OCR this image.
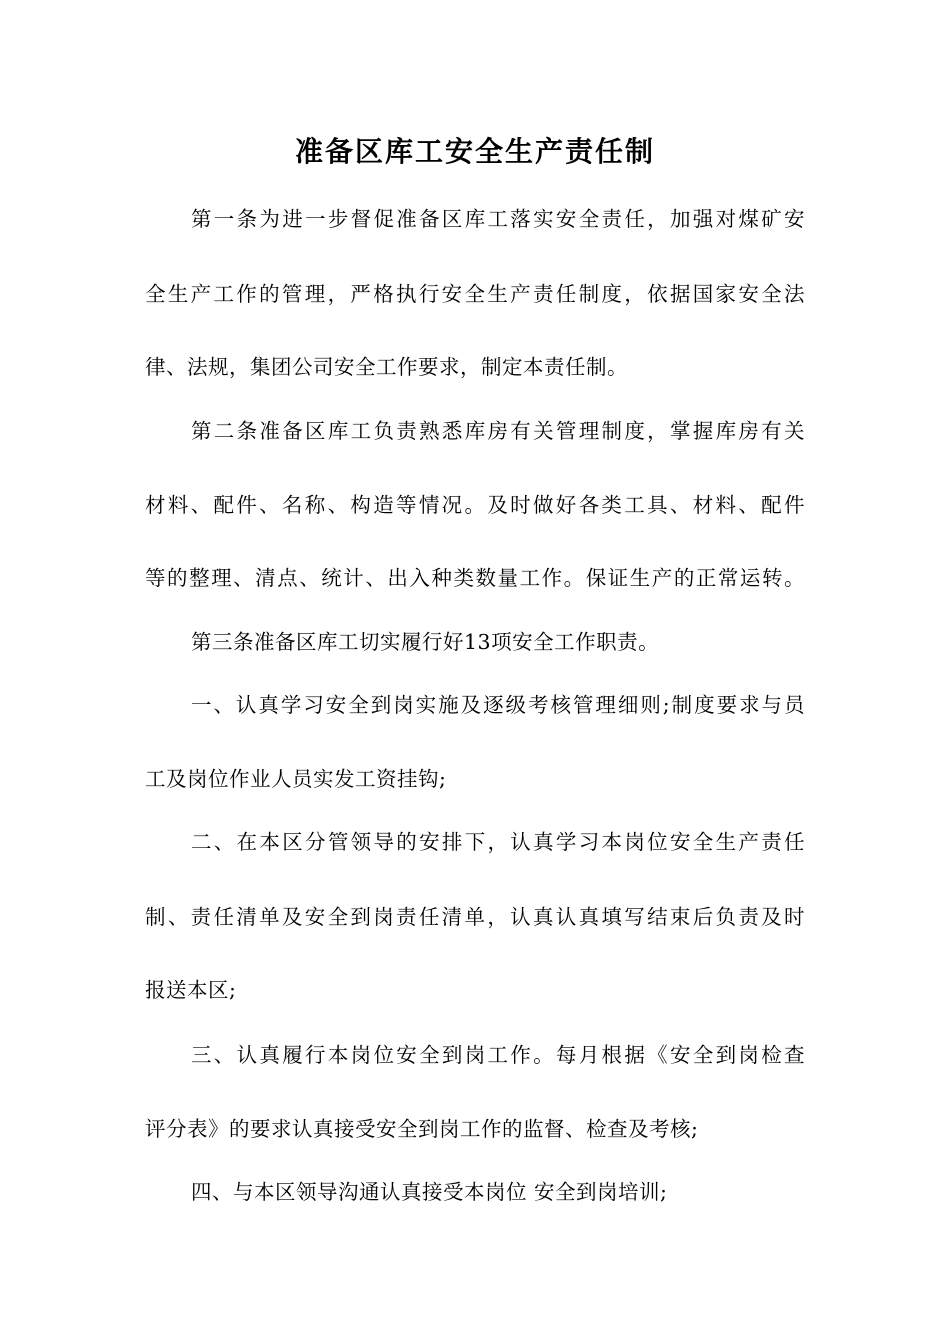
准备区库工安全生产责任制

第一条为进一步督促准备区库工落实安全责任，加强对煤矿安

全生产工作的管理，严格执行安全生产责任制度，依据国家安全法

律、法规，集团公司安全工作要求，制定本责任制。

第二条准备区库工负责熟悉库房有关管理制度，掌握库房有关

材料、配件、名称、构造等情况。及时做好各类工具、材料、配件

等的整理、清点、统计、出入种类数量工作。保证生产的正常运转。

第三条准备区库工切实履行好13项安全工作职责。

一、认真学习安全到岗实施及逐级考核管理细则;制度要求与员

工及岗位作业人员实发工资挂钩;

二、在本区分管领导的安排下，认真学习本岗位安全生产责任

制、责任清单及安全到岗责任清单，认真认真填写结束后负责及时

报送本区;

三、认真履行本岗位安全到岗工作。每月根据《安全到岗检查

评分表》的要求认真接受安全到岗工作的监督、检查及考核;

四、与本区领导沟通认真接受本岗位 安全到岗培训;
